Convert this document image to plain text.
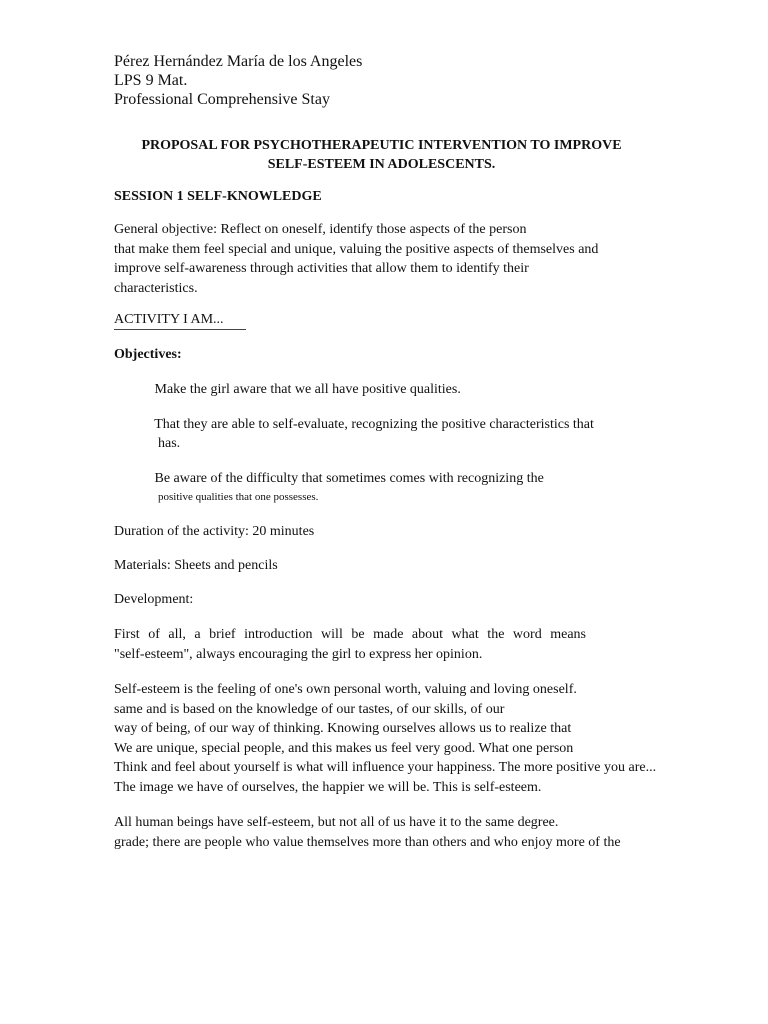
Pérez Hernández María de los Angeles
LPS 9 Mat.
Professional Comprehensive Stay
PROPOSAL FOR PSYCHOTHERAPEUTIC INTERVENTION TO IMPROVE
SELF-ESTEEM IN ADOLESCENTS.
SESSION 1 SELF-KNOWLEDGE
General objective: Reflect on oneself, identify those aspects of the person
that make them feel special and unique, valuing the positive aspects of themselves and
improve self-awareness through activities that allow them to identify their
characteristics.
ACTIVITY I AM...
Objectives:
Make the girl aware that we all have positive qualities.
That they are able to self-evaluate, recognizing the positive characteristics that
has.
Be aware of the difficulty that sometimes comes with recognizing the
positive qualities that one possesses.
Duration of the activity: 20 minutes
Materials: Sheets and pencils
Development:
First of all, a brief introduction will be made about what the word means
"self-esteem", always encouraging the girl to express her opinion.
Self-esteem is the feeling of one's own personal worth, valuing and loving oneself.
same and is based on the knowledge of our tastes, of our skills, of our
way of being, of our way of thinking. Knowing ourselves allows us to realize that
We are unique, special people, and this makes us feel very good. What one person
Think and feel about yourself is what will influence your happiness. The more positive you are...
The image we have of ourselves, the happier we will be. This is self-esteem.
All human beings have self-esteem, but not all of us have it to the same degree.
grade; there are people who value themselves more than others and who enjoy more of the
